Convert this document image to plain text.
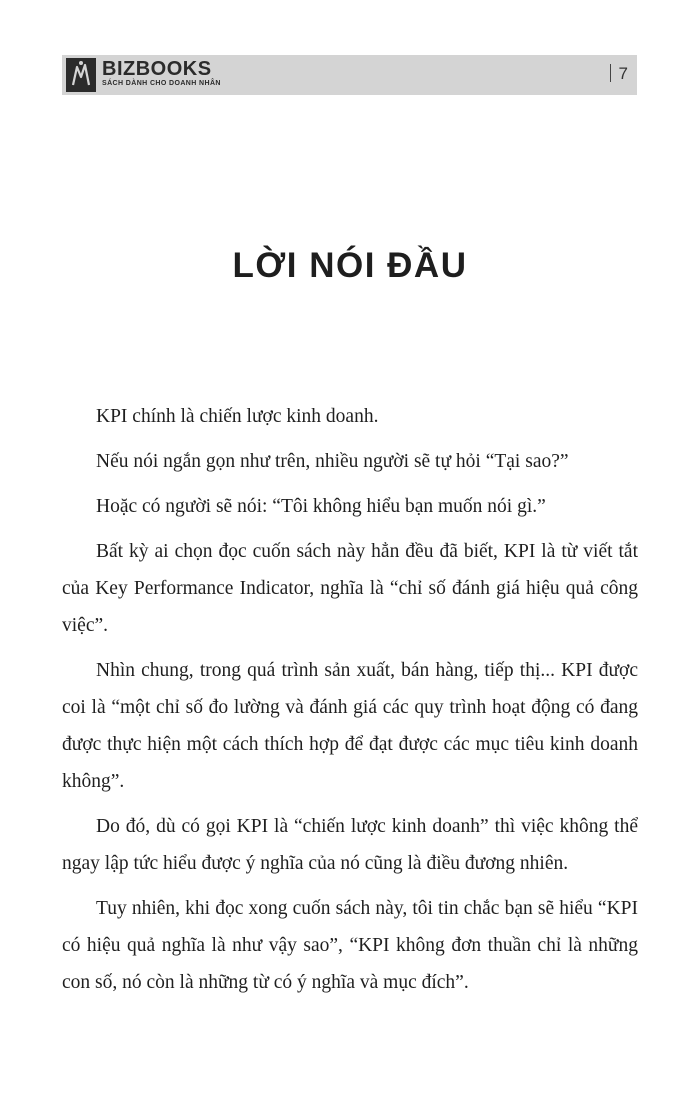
BIZBOOKS
SÁCH DÀNH CHO DOANH NHÂN
7
LỜI NÓI ĐẦU

KPI chính là chiến lược kinh doanh.

Nếu nói ngắn gọn như trên, nhiều người sẽ tự hỏi “Tại sao?”

Hoặc có người sẽ nói: “Tôi không hiểu bạn muốn nói gì.”

Bất kỳ ai chọn đọc cuốn sách này hẳn đều đã biết, KPI là từ viết tắt của Key Performance Indicator, nghĩa là “chỉ số đánh giá hiệu quả công việc”.

Nhìn chung, trong quá trình sản xuất, bán hàng, tiếp thị... KPI được coi là “một chỉ số đo lường và đánh giá các quy trình hoạt động có đang được thực hiện một cách thích hợp để đạt được các mục tiêu kinh doanh không”.

Do đó, dù có gọi KPI là “chiến lược kinh doanh” thì việc không thể ngay lập tức hiểu được ý nghĩa của nó cũng là điều đương nhiên.

Tuy nhiên, khi đọc xong cuốn sách này, tôi tin chắc bạn sẽ hiểu “KPI có hiệu quả nghĩa là như vậy sao”, “KPI không đơn thuần chỉ là những con số, nó còn là những từ có ý nghĩa và mục đích”.
